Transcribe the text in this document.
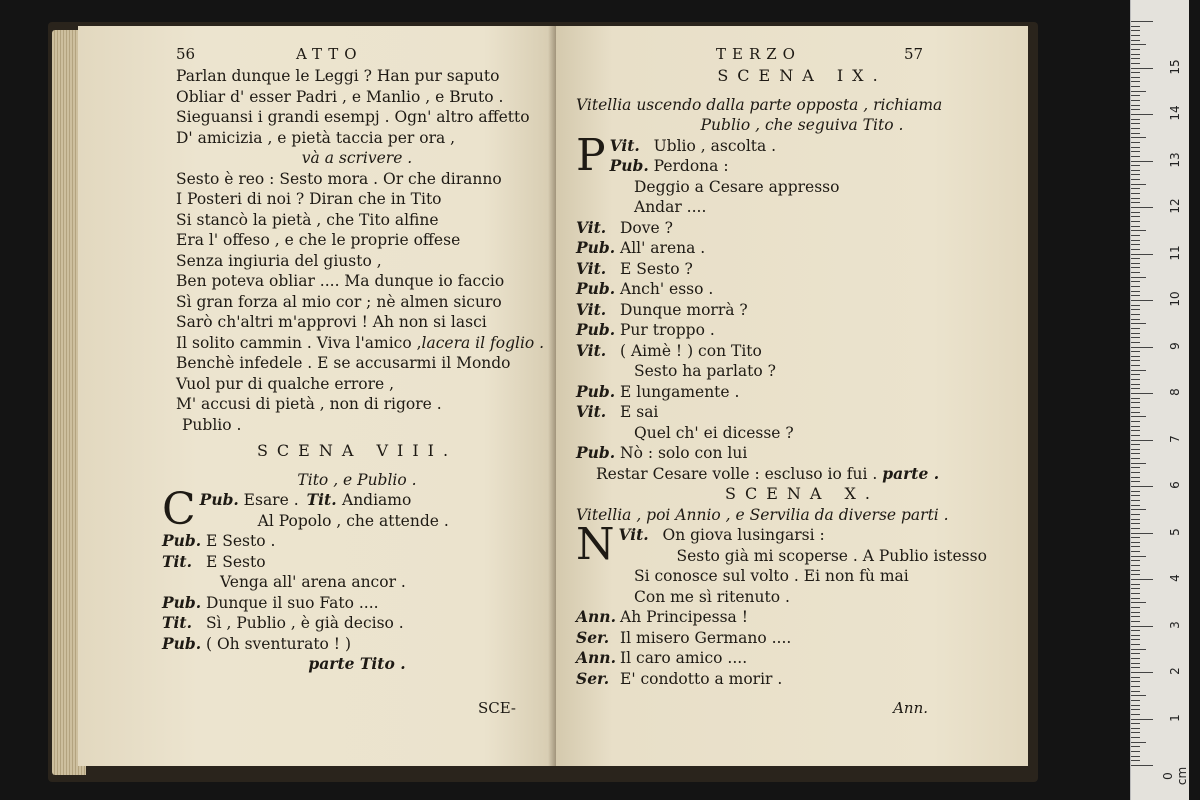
56	ATTO
Parlan dunque le Leggi ? Han pur saputo
Obliar d' esser Padri , e Manlio , e Bruto .
Sieguansi i grandi esempj . Ogn' altro affetto
D' amicizia , e pietà taccia per ora ,
và a scrivere .
Sesto è reo : Sesto mora . Or che diranno
I Posteri di noi ? Diran che in Tito
Si stancò la pietà , che Tito alfine
Era l' offeso , e che le proprie offese
Senza ingiuria del giusto ,
Ben poteva obliar .... Ma dunque io faccio
Sì gran forza al mio cor ; nè almen sicuro
Sarò ch'altri m'approvi ! Ah non si lasci
Il solito cammin . Viva l'amico ,lacera il foglio .
Benchè infedele . E se accusarmi il Mondo
Vuol pur di qualche errore ,
M' accusi di pietà , non di rigore .
Publio .
SCENA VIII.
Tito , e Publio .
Pub.
C	Esare . Tit. Andiamo
Al Popolo , che attende .
Pub. E Sesto .
Tit. E Sesto
Venga all' arena ancor .
Pub. Dunque il suo Fato ....
Tit. Sì , Publio , è già deciso .
Pub. ( Oh sventurato ! )
parte Tito .
SCE-
TERZO	57
SCENA IX.
Vitellia uscendo dalla parte opposta , richiama
Publio , che seguiva Tito .
Vit.
P	Ublio , ascolta .
Pub. Perdona :
Deggio a Cesare appresso
Andar ....
Vit. Dove ?
Pub. All' arena .
Vit. E Sesto ?
Pub. Anch' esso .
Vit. Dunque morrà ?
Pub. Pur troppo .
Vit. ( Aimè ! ) con Tito
Sesto ha parlato ?
Pub. E lungamente .
Vit. E sai
Quel ch' ei dicesse ?
Pub. Nò : solo con lui
Restar Cesare volle : escluso io fui . parte .
SCENA X.
Vitellia , poi Annio , e Servilia da diverse parti .
Vit.
N	On giova lusingarsi :
Sesto già mi scoperse . A Publio istesso
Si conosce sul volto . Ei non fù mai
Con me sì ritenuto .
Ann. Ah Principessa !
Ser. Il misero Germano ....
Ann. Il caro amico ....
Ser. E' condotto a morir .
Ann.
0 cm
1
2
3
4
5
6
7
8
9
10
11
12
13
14
15
